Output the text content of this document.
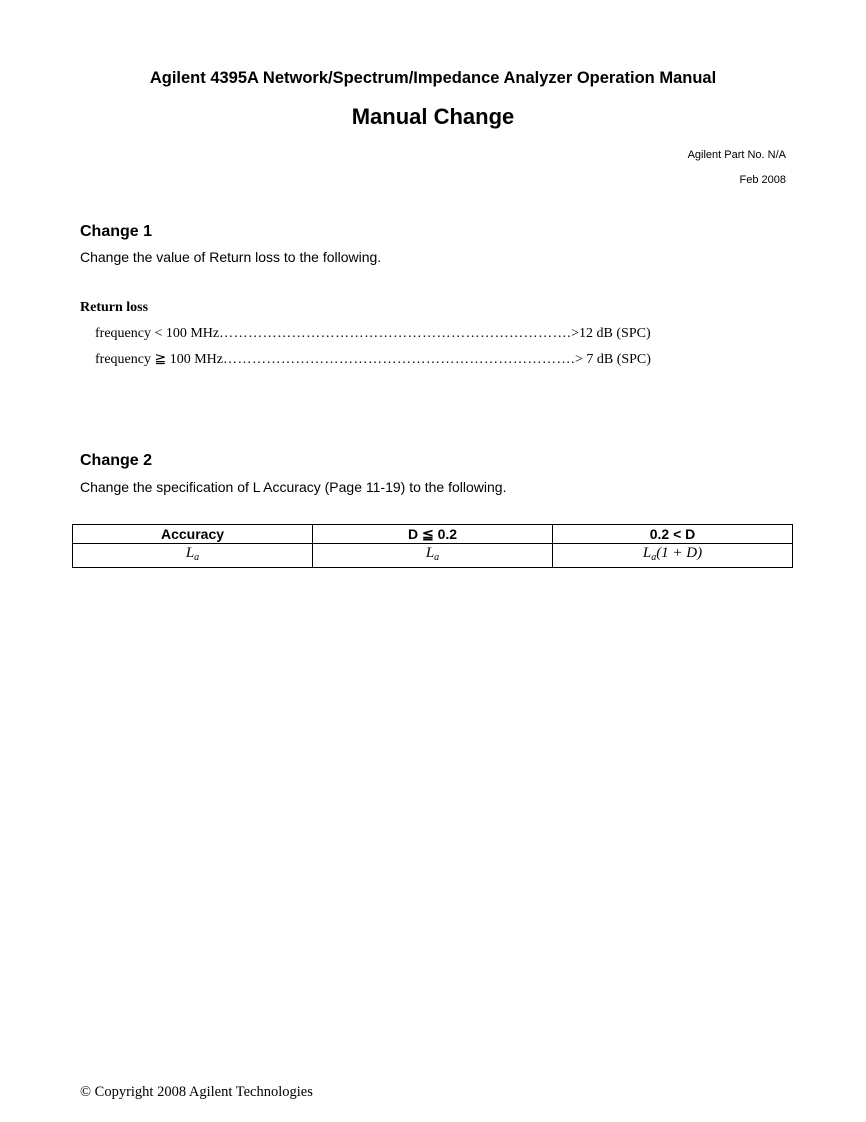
Agilent 4395A Network/Spectrum/Impedance Analyzer Operation Manual
Manual Change
Agilent Part No. N/A
Feb 2008
Change 1
Change the value of Return loss to the following.
Return loss
frequency < 100 MHz……………………………………………………………….>12 dB (SPC)
frequency ≧ 100 MHz……………………………………………………………….> 7 dB (SPC)
Change 2
Change the specification of L Accuracy (Page 11-19) to the following.
Accuracy	D ≦ 0.2	0.2 < D
$L_a$	$L_a$	$L_a(1 + D)$
© Copyright 2008 Agilent Technologies
